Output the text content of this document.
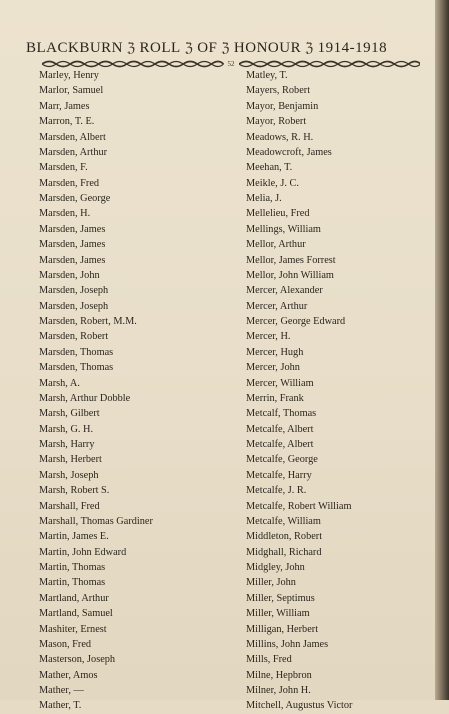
BLACKBURN ℨ ROLL ℨ OF ℨ HONOUR ℨ 1914-1918
52
Marley, Henry
Marlor, Samuel
Marr, James
Marron, T. E.
Marsden, Albert
Marsden, Arthur
Marsden, F.
Marsden, Fred
Marsden, George
Marsden, H.
Marsden, James
Marsden, James
Marsden, James
Marsden, John
Marsden, Joseph
Marsden, Joseph
Marsden, Robert, M.M.
Marsden, Robert
Marsden, Thomas
Marsden, Thomas
Marsh, A.
Marsh, Arthur Dobble
Marsh, Gilbert
Marsh, G. H.
Marsh, Harry
Marsh, Herbert
Marsh, Joseph
Marsh, Robert S.
Marshall, Fred
Marshall, Thomas Gardiner
Martin, James E.
Martin, John Edward
Martin, Thomas
Martin, Thomas
Martland, Arthur
Martland, Samuel
Mashiter, Ernest
Mason, Fred
Masterson, Joseph
Mather, Amos
Mather, —
Mather, T.
Matley, T.
Mayers, Robert
Mayor, Benjamin
Mayor, Robert
Meadows, R. H.
Meadowcroft, James
Meehan, T.
Meikle, J. C.
Melia, J.
Mellelieu, Fred
Mellings, William
Mellor, Arthur
Mellor, James Forrest
Mellor, John William
Mercer, Alexander
Mercer, Arthur
Mercer, George Edward
Mercer, H.
Mercer, Hugh
Mercer, John
Mercer, William
Merrin, Frank
Metcalf, Thomas
Metcalfe, Albert
Metcalfe, Albert
Metcalfe, George
Metcalfe, Harry
Metcalfe, J. R.
Metcalfe, Robert William
Metcalfe, William
Middleton, Robert
Midghall, Richard
Midgley, John
Miller, John
Miller, Septimus
Miller, William
Milligan, Herbert
Millins, John James
Mills, Fred
Milne, Hepbron
Milner, John H.
Mitchell, Augustus Victor
